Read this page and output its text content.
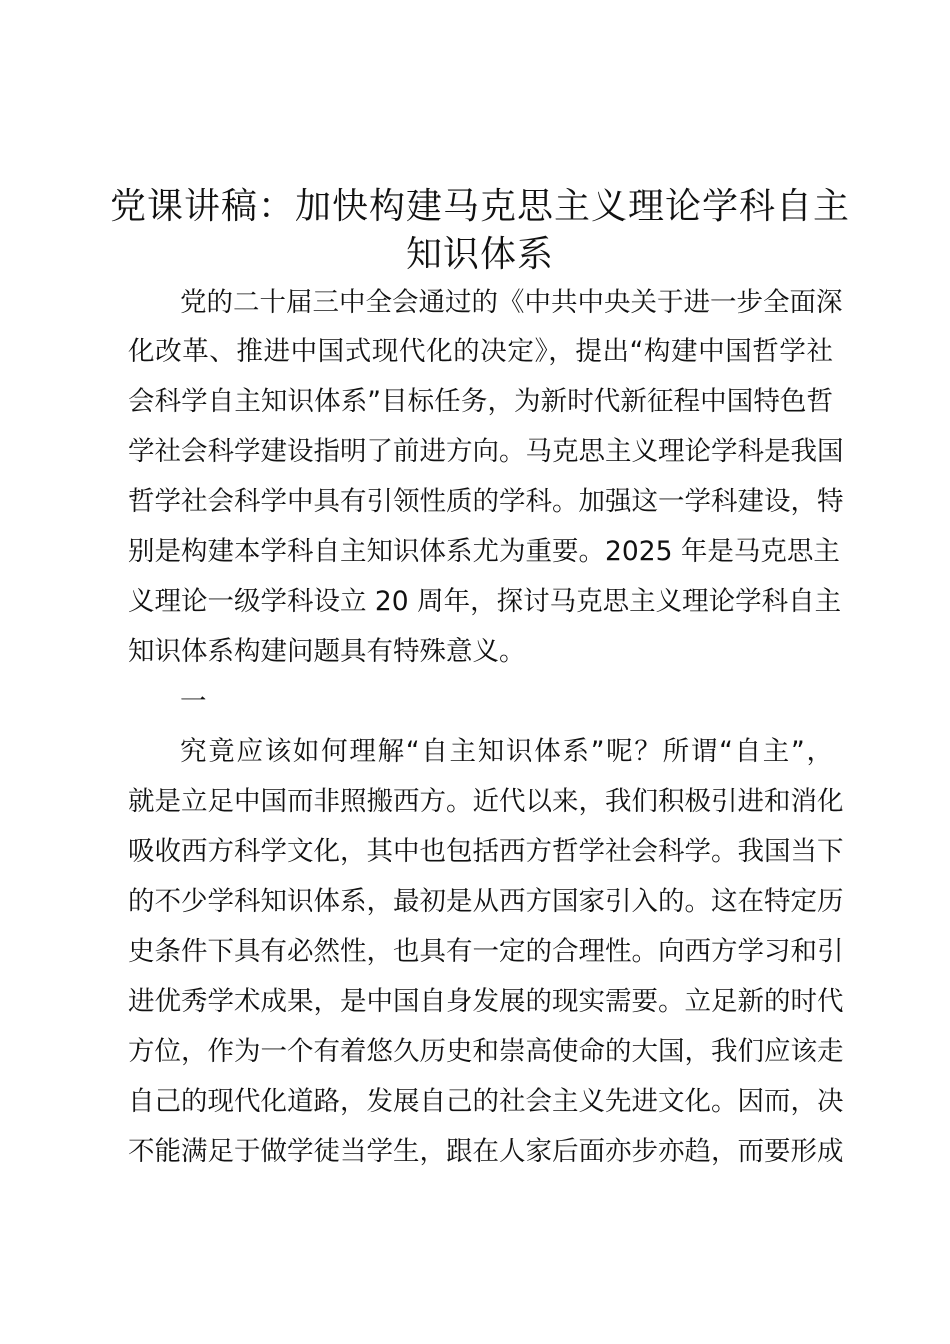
党课讲稿：加快构建马克思主义理论学科自主
知识体系
党的二十届三中全会通过的《中共中央关于进一步全面深
化改革、推进中国式现代化的决定》，提出“构建中国哲学社
会科学自主知识体系”目标任务，为新时代新征程中国特色哲
学社会科学建设指明了前进方向。马克思主义理论学科是我国
哲学社会科学中具有引领性质的学科。加强这一学科建设，特
别是构建本学科自主知识体系尤为重要。2025 年是马克思主
义理论一级学科设立 20 周年，探讨马克思主义理论学科自主
知识体系构建问题具有特殊意义。
一
究竟应该如何理解“自主知识体系”呢？所谓“自主”，
就是立足中国而非照搬西方。近代以来，我们积极引进和消化
吸收西方科学文化，其中也包括西方哲学社会科学。我国当下
的不少学科知识体系，最初是从西方国家引入的。这在特定历
史条件下具有必然性，也具有一定的合理性。向西方学习和引
进优秀学术成果，是中国自身发展的现实需要。立足新的时代
方位，作为一个有着悠久历史和崇高使命的大国，我们应该走
自己的现代化道路，发展自己的社会主义先进文化。因而，决
不能满足于做学徒当学生，跟在人家后面亦步亦趋，而要形成
